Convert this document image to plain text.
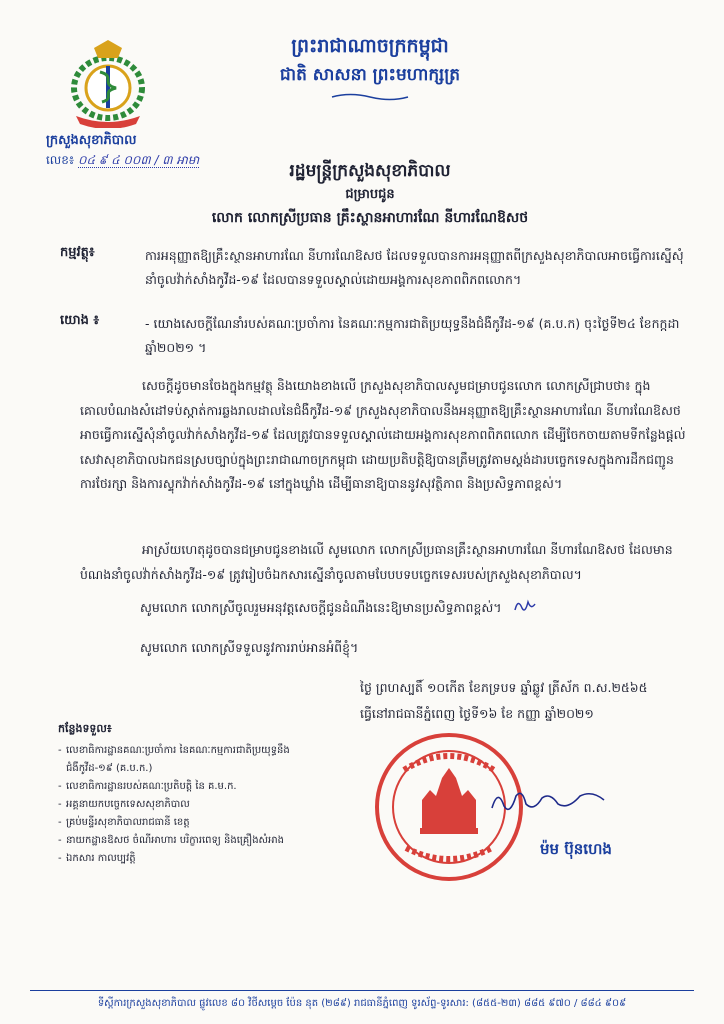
ក្រសួងសុខាភិបាល
លេខ៖ ០៤ ៩ ៤ ០០៣ / ៣ អាមា
ព្រះរាជាណាចក្រកម្ពុជា
ជាតិ សាសនា ព្រះមហាក្សត្រ
រដ្ឋមន្ត្រីក្រសួងសុខាភិបាល
ជម្រាបជូន
លោក លោកស្រីប្រធាន គ្រឹះស្ថានអាហារណែ នីហារណែឱសថ
កម្មវត្ថុ៖	ការអនុញ្ញាតឱ្យគ្រឹះស្ថានអាហារណែ នីហារណែឱសថ ដែលទទួលបានការអនុញ្ញាតពីក្រសួងសុខាភិបាលអាចធ្វើការស្នើសុំនាំចូលវ៉ាក់សាំងកូវីដ-១៩ ដែលបានទទួលស្គាល់ដោយអង្គការសុខភាពពិភពលោក។
យោង ៖	- យោងសេចក្តីណែនាំរបស់គណៈប្រចាំការ នៃគណៈកម្មការជាតិប្រយុទ្ធនឹងជំងឺកូវីដ-១៩ (គ.ប.ក) ចុះថ្ងៃទី២៤ ខែកក្កដា ឆ្នាំ២០២១ ។
សេចក្តីដូចមានចែងក្នុងកម្មវត្ថុ និងយោងខាងលើ ក្រសួងសុខាភិបាលសូមជម្រាបជូនលោក លោកស្រីជ្រាបថា៖ ក្នុងគោលបំណងសំដៅទប់ស្កាត់ការឆ្លងរាលដាលនៃជំងឺកូវីដ-១៩ ក្រសួងសុខាភិបាលនឹងអនុញ្ញាតឱ្យគ្រឹះស្ថានអាហារណែ នីហារណែឱសថអាចធ្វើការស្នើសុំនាំចូលវ៉ាក់សាំងកូវីដ-១៩ ដែលត្រូវបានទទួលស្គាល់ដោយអង្គការសុខភាពពិភពលោក ដើម្បីចែកចាយតាមទីកន្លែងផ្តល់សេវាសុខាភិបាលឯកជនស្របច្បាប់ក្នុងព្រះរាជាណាចក្រកម្ពុជា ដោយប្រតិបត្តិឱ្យបានត្រឹមត្រូវតាមស្តង់ដារបច្ចេកទេសក្នុងការដឹកជញ្ជូន ការថែរក្សា និងការស្ទុកវ៉ាក់សាំងកូវីដ-១៩ នៅក្នុងឃ្លាំង ដើម្បីធានាឱ្យបាននូវសុវត្ថិភាព និងប្រសិទ្ធភាពខ្ពស់។
អាស្រ័យហេតុដូចបានជម្រាបជូនខាងលើ សូមលោក លោកស្រីប្រធានគ្រឹះស្ថានអាហារណែ នីហារណែឱសថ ដែលមានបំណងនាំចូលវ៉ាក់សាំងកូវីដ-១៩ ត្រូវរៀបចំឯកសារស្នើនាំចូលតាមបែបបទបច្ចេកទេសរបស់ក្រសួងសុខាភិបាល។
សូមលោក លោកស្រីចូលរួមអនុវត្តសេចក្តីជូនដំណឹងនេះឱ្យមានប្រសិទ្ធភាពខ្ពស់។
សូមលោក លោកស្រីទទួលនូវការរាប់អានអំពីខ្ញុំ។
ថ្ងៃ ព្រហស្បតិ៍ ១០កើត ខែភទ្របទ ឆ្នាំឆ្លូវ ត្រីស័ក ព.ស.២៥៦៥
ធ្វើនៅរាជធានីភ្នំពេញ ថ្ងៃទី១៦ ខែ កញ្ញា ឆ្នាំ២០២១
ម៉ម ប៊ុនហេង
កន្លែងទទួល៖
- លេខាធិការដ្ឋានគណៈប្រចាំការ នៃគណៈកម្មការជាតិប្រយុទ្ធនឹងជំងឺកូវីដ-១៩ (គ.ប.ក.)
- លេខាធិការដ្ឋានរបស់គណៈប្រតិបត្តិ នៃ គ.ម.ក.
- អគ្គនាយកបច្ចេកទេសសុខាភិបាល
- គ្រប់មន្ទីរសុខាភិបាលរាជធានី ខេត្ត
- នាយកដ្ឋានឱសថ ចំណីអាហារ បរិក្ខារពេទ្យ និងគ្រឿងសំអាង
- ឯកសារ កាលប្បវត្តិ
ទីស្តីការក្រសួងសុខាភិបាល ផ្លូវលេខ ៨០ វិថីសម្តេច ប៉ែន នុត (២៨៩) រាជធានីភ្នំពេញ ទូរស័ព្ទ-ទូរសារ: (៨៥៥-២៣) ៨៨៥ ៩៧០ / ៨៨៤ ៩០៩
